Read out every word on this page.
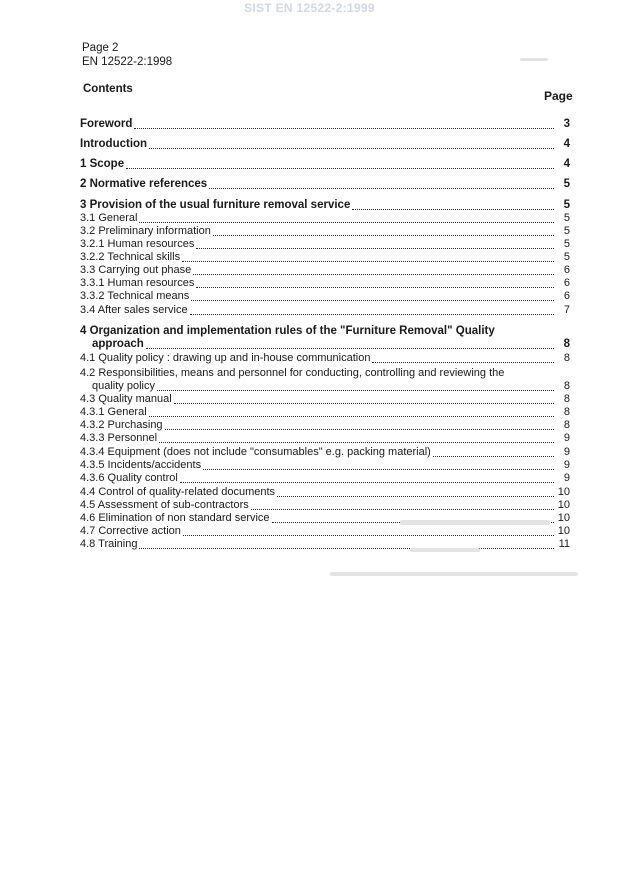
SIST EN 12522-2:1999
Page 2
EN 12522-2:1998
Contents	Page
Foreword	3
Introduction	4
1 Scope	4
2 Normative references	5
3 Provision of the usual furniture removal service	5
3.1 General	5
3.2 Preliminary information	5
3.2.1 Human resources	5
3.2.2 Technical skills	5
3.3 Carrying out phase	6
3.3.1 Human resources	6
3.3.2 Technical means	6
3.4 After sales service	7
4 Organization and implementation rules of the "Furniture Removal" Quality
approach	8
4.1 Quality policy : drawing up and in-house communication	8
4.2 Responsibilities, means and personnel for conducting, controlling and reviewing the
quality policy	8
4.3 Quality manual	8
4.3.1 General	8
4.3.2 Purchasing	8
4.3.3 Personnel	9
4.3.4 Equipment (does not include "consumables" e.g. packing material)	9
4.3.5 Incidents/accidents	9
4.3.6 Quality control	9
4.4 Control of quality-related documents	10
4.5 Assessment of sub-contractors	10
4.6 Elimination of non standard service	10
4.7 Corrective action	10
4.8 Training	11
